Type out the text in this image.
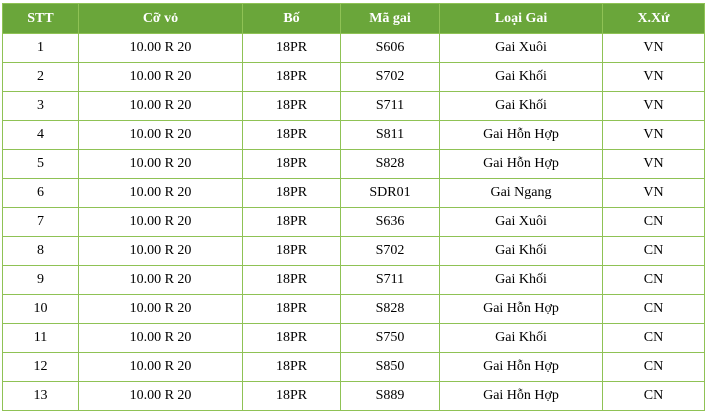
STT	Cỡ vỏ	Bố	Mã gai	Loại Gai	X.Xứ
1	10.00 R 20	18PR	S606	Gai Xuôi	VN
2	10.00 R 20	18PR	S702	Gai Khối	VN
3	10.00 R 20	18PR	S711	Gai Khối	VN
4	10.00 R 20	18PR	S811	Gai Hỗn Hợp	VN
5	10.00 R 20	18PR	S828	Gai Hỗn Hợp	VN
6	10.00 R 20	18PR	SDR01	Gai Ngang	VN
7	10.00 R 20	18PR	S636	Gai Xuôi	CN
8	10.00 R 20	18PR	S702	Gai Khối	CN
9	10.00 R 20	18PR	S711	Gai Khối	CN
10	10.00 R 20	18PR	S828	Gai Hỗn Hợp	CN
11	10.00 R 20	18PR	S750	Gai Khối	CN
12	10.00 R 20	18PR	S850	Gai Hỗn Hợp	CN
13	10.00 R 20	18PR	S889	Gai Hỗn Hợp	CN
